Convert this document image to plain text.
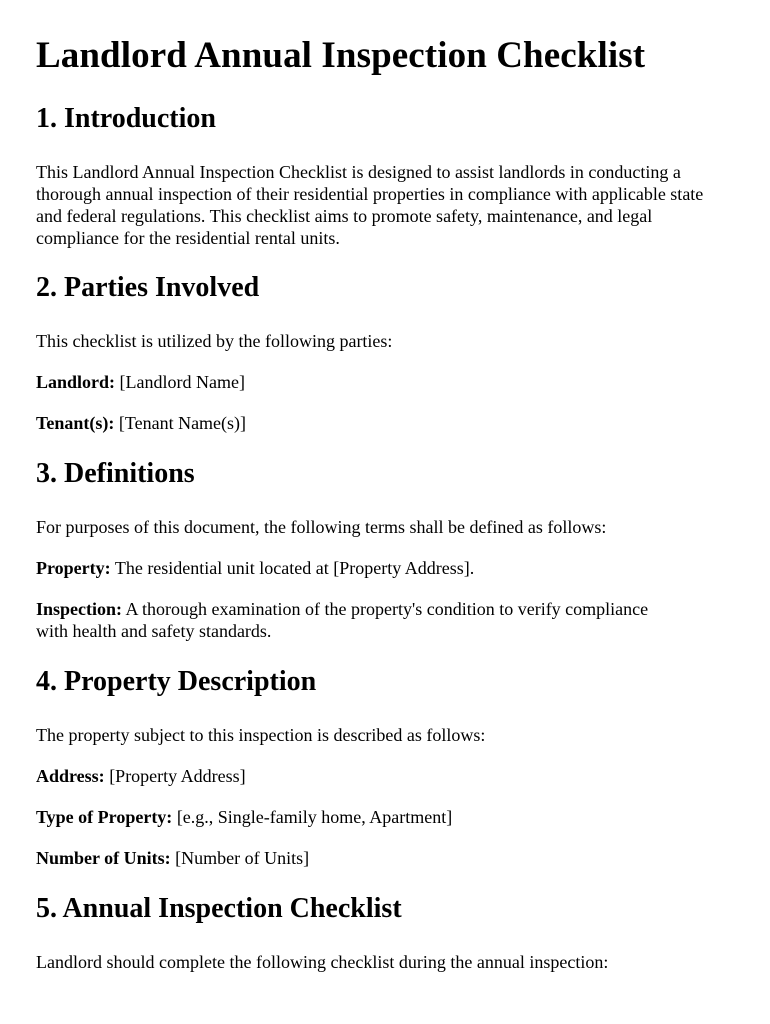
Landlord Annual Inspection Checklist
1. Introduction

This Landlord Annual Inspection Checklist is designed to assist landlords in conducting a thorough annual inspection of their residential properties in compliance with applicable state and federal regulations. This checklist aims to promote safety, maintenance, and legal compliance for the residential rental units.

2. Parties Involved

This checklist is utilized by the following parties:

Landlord: [Landlord Name]

Tenant(s): [Tenant Name(s)]

3. Definitions

For purposes of this document, the following terms shall be defined as follows:

Property: The residential unit located at [Property Address].

Inspection: A thorough examination of the property's condition to verify compliance with health and safety standards.

4. Property Description

The property subject to this inspection is described as follows:

Address: [Property Address]

Type of Property: [e.g., Single-family home, Apartment]

Number of Units: [Number of Units]

5. Annual Inspection Checklist

Landlord should complete the following checklist during the annual inspection:
